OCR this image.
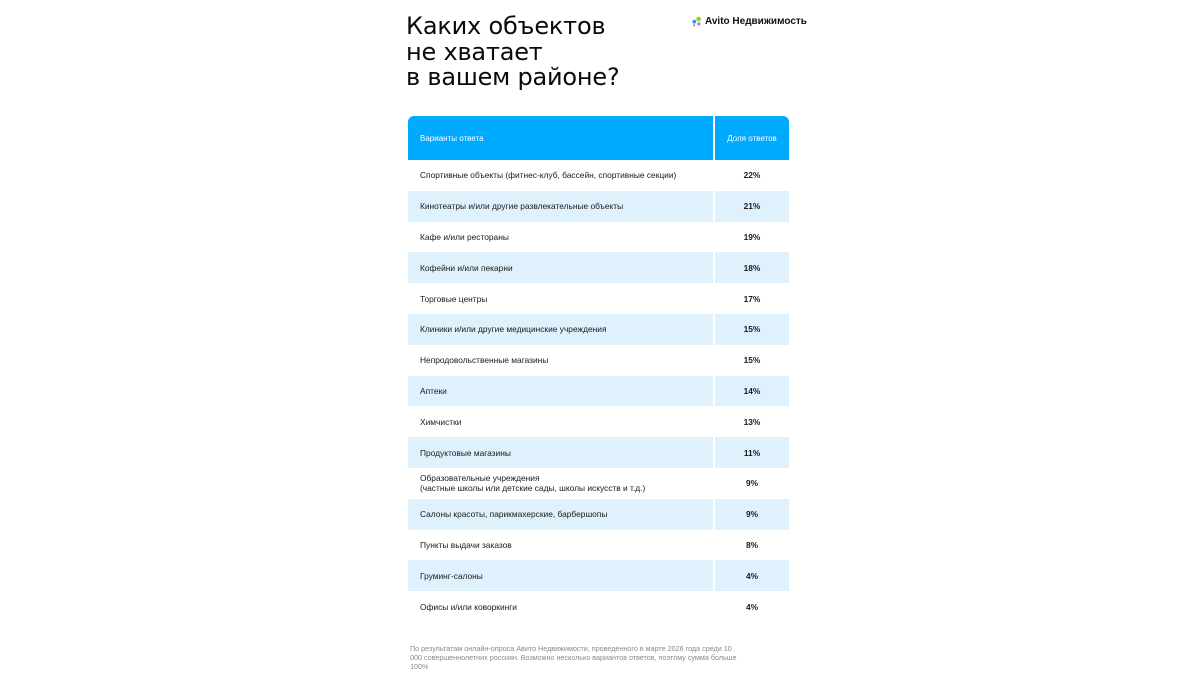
Каких объектов
не хватает
в вашем районе?
Avito Недвижимость
Варианты ответа	Доля ответов
Спортивные объекты (фитнес-клуб, бассейн, спортивные секции)	22%
Кинотеатры и/или другие развлекательные объекты	21%
Кафе и/или рестораны	19%
Кофейни и/или пекарни	18%
Торговые центры	17%
Клиники и/или другие медицинские учреждения	15%
Непродовольственные магазины	15%
Аптеки	14%
Химчистки	13%
Продуктовые магазины	11%
Образовательные учреждения
(частные школы или детские сады, школы искусств и т.д.)	9%
Салоны красоты, парикмахерские, барбершопы	9%
Пункты выдачи заказов	8%
Груминг-салоны	4%
Офисы и/или коворкинги	4%

По результатам онлайн-опроса Авито Недвижимости, проведенного в марте 2026 года среди 10 000 совершеннолетних россиян. Возможно несколько вариантов ответов, поэтому сумма больше 100%
